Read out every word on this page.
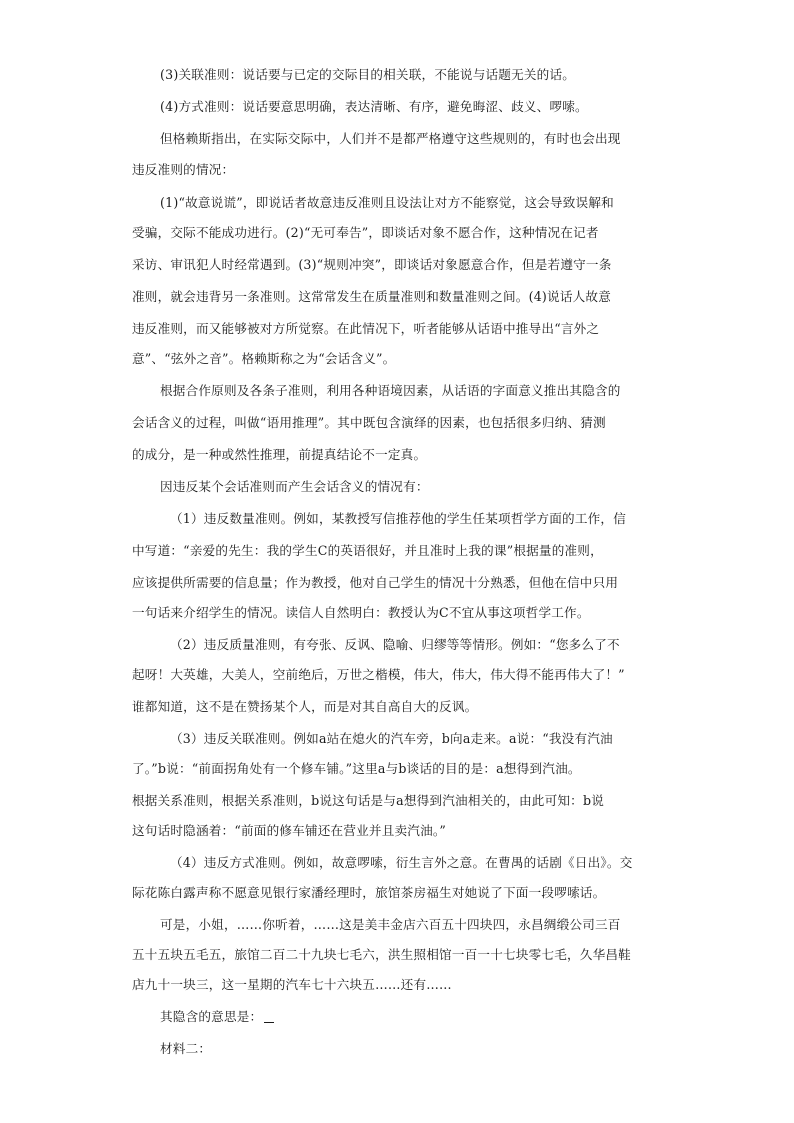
(3)关联准则：说话要与已定的交际目的相关联，不能说与话题无关的话。
(4)方式准则：说话要意思明确，表达清晰、有序，避免晦涩、歧义、啰嗦。
但格赖斯指出，在实际交际中，人们并不是都严格遵守这些规则的，有时也会出现
违反准则的情况：
(1)“故意说谎”，即说话者故意违反准则且设法让对方不能察觉，这会导致误解和
受骗，交际不能成功进行。(2)“无可奉告”，即谈话对象不愿合作，这种情况在记者
采访、审讯犯人时经常遇到。(3)“规则冲突”，即谈话对象愿意合作，但是若遵守一条
准则，就会违背另一条准则。这常常发生在质量准则和数量准则之间。(4)说话人故意
违反准则，而又能够被对方所觉察。在此情况下，听者能够从话语中推导出“言外之
意”、“弦外之音”。格赖斯称之为“会话含义”。
根据合作原则及各条子准则，利用各种语境因素，从话语的字面意义推出其隐含的
会话含义的过程，叫做“语用推理”。其中既包含演绎的因素，也包括很多归纳、猜测
的成分，是一种或然性推理，前提真结论不一定真。
因违反某个会话准则而产生会话含义的情况有：
（1）违反数量准则。例如，某教授写信推荐他的学生任某项哲学方面的工作，信
中写道：“亲爱的先生：我的学生C的英语很好，并且准时上我的课”根据量的准则，
应该提供所需要的信息量；作为教授，他对自己学生的情况十分熟悉，但他在信中只用
一句话来介绍学生的情况。读信人自然明白：教授认为C不宜从事这项哲学工作。
（2）违反质量准则，有夸张、反讽、隐喻、归缪等等情形。例如：“您多么了不
起呀！大英雄，大美人，空前绝后，万世之楷模，伟大，伟大，伟大得不能再伟大了！”
谁都知道，这不是在赞扬某个人，而是对其自高自大的反讽。
（3）违反关联准则。例如a站在熄火的汽车旁，b向a走来。a说：“我没有汽油
了。”b说：“前面拐角处有一个修车铺。”这里a与b谈话的目的是：a想得到汽油。
根据关系准则，根据关系准则，b说这句话是与a想得到汽油相关的，由此可知：b说
这句话时隐涵着：“前面的修车铺还在营业并且卖汽油。”
（4）违反方式准则。例如，故意啰嗦，衍生言外之意。在曹禺的话剧《日出》。交
际花陈白露声称不愿意见银行家潘经理时，旅馆茶房福生对她说了下面一段啰嗦话。
可是，小姐，……你听着，……这是美丰金店六百五十四块四，永昌绸缎公司三百
五十五块五毛五，旅馆二百二十九块七毛六，洪生照相馆一百一十七块零七毛，久华昌鞋
店九十一块三，这一星期的汽车七十六块五……还有……
其隐含的意思是：
材料二：
